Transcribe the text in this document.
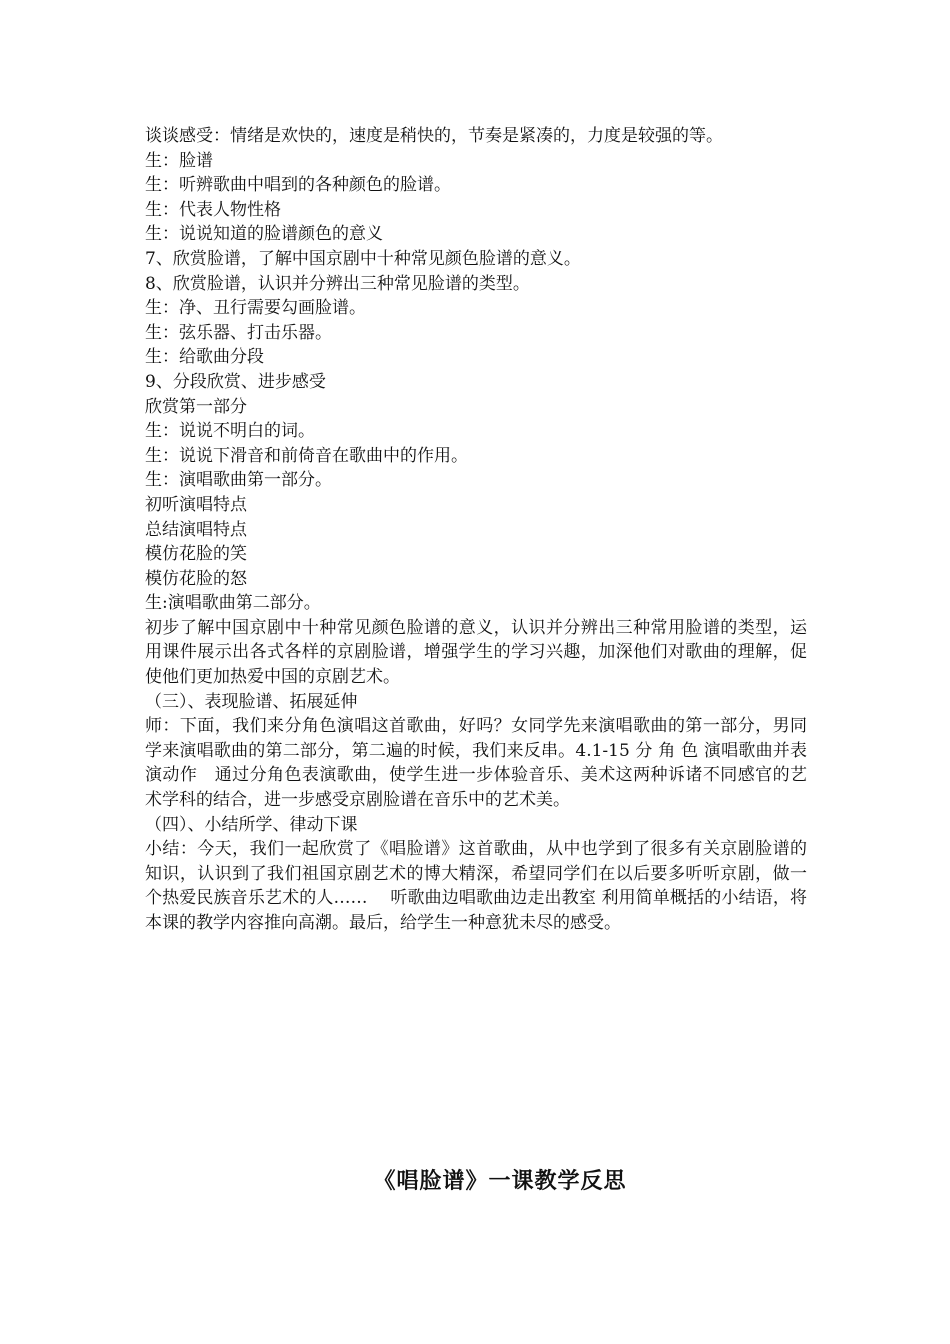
谈谈感受：情绪是欢快的，速度是稍快的，节奏是紧凑的，力度是较强的等。
生：脸谱
生：听辨歌曲中唱到的各种颜色的脸谱。
生：代表人物性格
生：说说知道的脸谱颜色的意义
7、欣赏脸谱，了解中国京剧中十种常见颜色脸谱的意义。
8、欣赏脸谱，认识并分辨出三种常见脸谱的类型。
生：净、丑行需要勾画脸谱。
生：弦乐器、打击乐器。
生：给歌曲分段
9、分段欣赏、进步感受
欣赏第一部分
生：说说不明白的词。
生：说说下滑音和前倚音在歌曲中的作用。
生：演唱歌曲第一部分。
初听演唱特点
总结演唱特点
模仿花脸的笑
模仿花脸的怒
生:演唱歌曲第二部分。
初步了解中国京剧中十种常见颜色脸谱的意义，认识并分辨出三种常用脸谱的类型，运用课件展示出各式各样的京剧脸谱，增强学生的学习兴趣，加深他们对歌曲的理解，促使他们更加热爱中国的京剧艺术。
（三）、表现脸谱、拓展延伸
师：下面，我们来分角色演唱这首歌曲，好吗？女同学先来演唱歌曲的第一部分，男同学来演唱歌曲的第二部分，第二遍的时候，我们来反串。4.1-15 分 角 色 演唱歌曲并表演动作　通过分角色表演歌曲，使学生进一步体验音乐、美术这两种诉诸不同感官的艺术学科的结合，进一步感受京剧脸谱在音乐中的艺术美。
（四）、小结所学、律动下课
小结：今天，我们一起欣赏了《唱脸谱》这首歌曲，从中也学到了很多有关京剧脸谱的知识，认识到了我们祖国京剧艺术的博大精深，希望同学们在以后要多听听京剧，做一个热爱民族音乐艺术的人……　 听歌曲边唱歌曲边走出教室 利用简单概括的小结语，将本课的教学内容推向高潮。最后，给学生一种意犹未尽的感受。
《唱脸谱》一课教学反思
